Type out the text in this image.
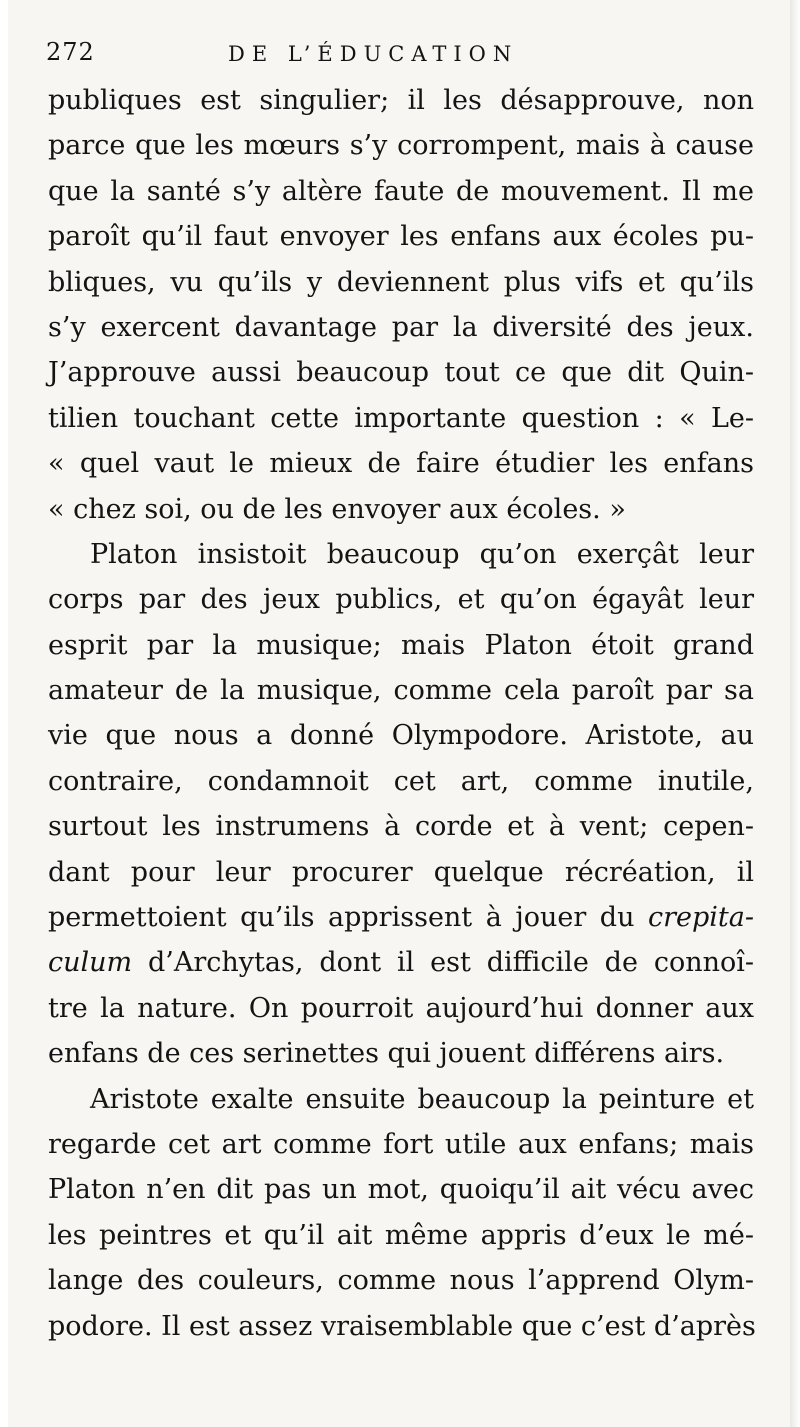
272	DE L’ÉDUCATION
publiques est singulier; il les désapprouve, non
parce que les mœurs s’y corrompent, mais à cause
que la santé s’y altère faute de mouvement. Il me
paroît qu’il faut envoyer les enfans aux écoles pu-
bliques, vu qu’ils y deviennent plus vifs et qu’ils
s’y exercent davantage par la diversité des jeux.
J’approuve aussi beaucoup tout ce que dit Quin-
tilien touchant cette importante question : « Le-
« quel vaut le mieux de faire étudier les enfans
« chez soi, ou de les envoyer aux écoles. »
Platon insistoit beaucoup qu’on exerçât leur
corps par des jeux publics, et qu’on égayât leur
esprit par la musique; mais Platon étoit grand
amateur de la musique, comme cela paroît par sa
vie que nous a donné Olympodore. Aristote, au
contraire, condamnoit cet art, comme inutile,
surtout les instrumens à corde et à vent; cepen-
dant pour leur procurer quelque récréation, il
permettoient qu’ils apprissent à jouer du crepita-
culum d’Archytas, dont il est difficile de connoî-
tre la nature. On pourroit aujourd’hui donner aux
enfans de ces serinettes qui jouent différens airs.
Aristote exalte ensuite beaucoup la peinture et
regarde cet art comme fort utile aux enfans; mais
Platon n’en dit pas un mot, quoiqu’il ait vécu avec
les peintres et qu’il ait même appris d’eux le mé-
lange des couleurs, comme nous l’apprend Olym-
podore. Il est assez vraisemblable que c’est d’après
